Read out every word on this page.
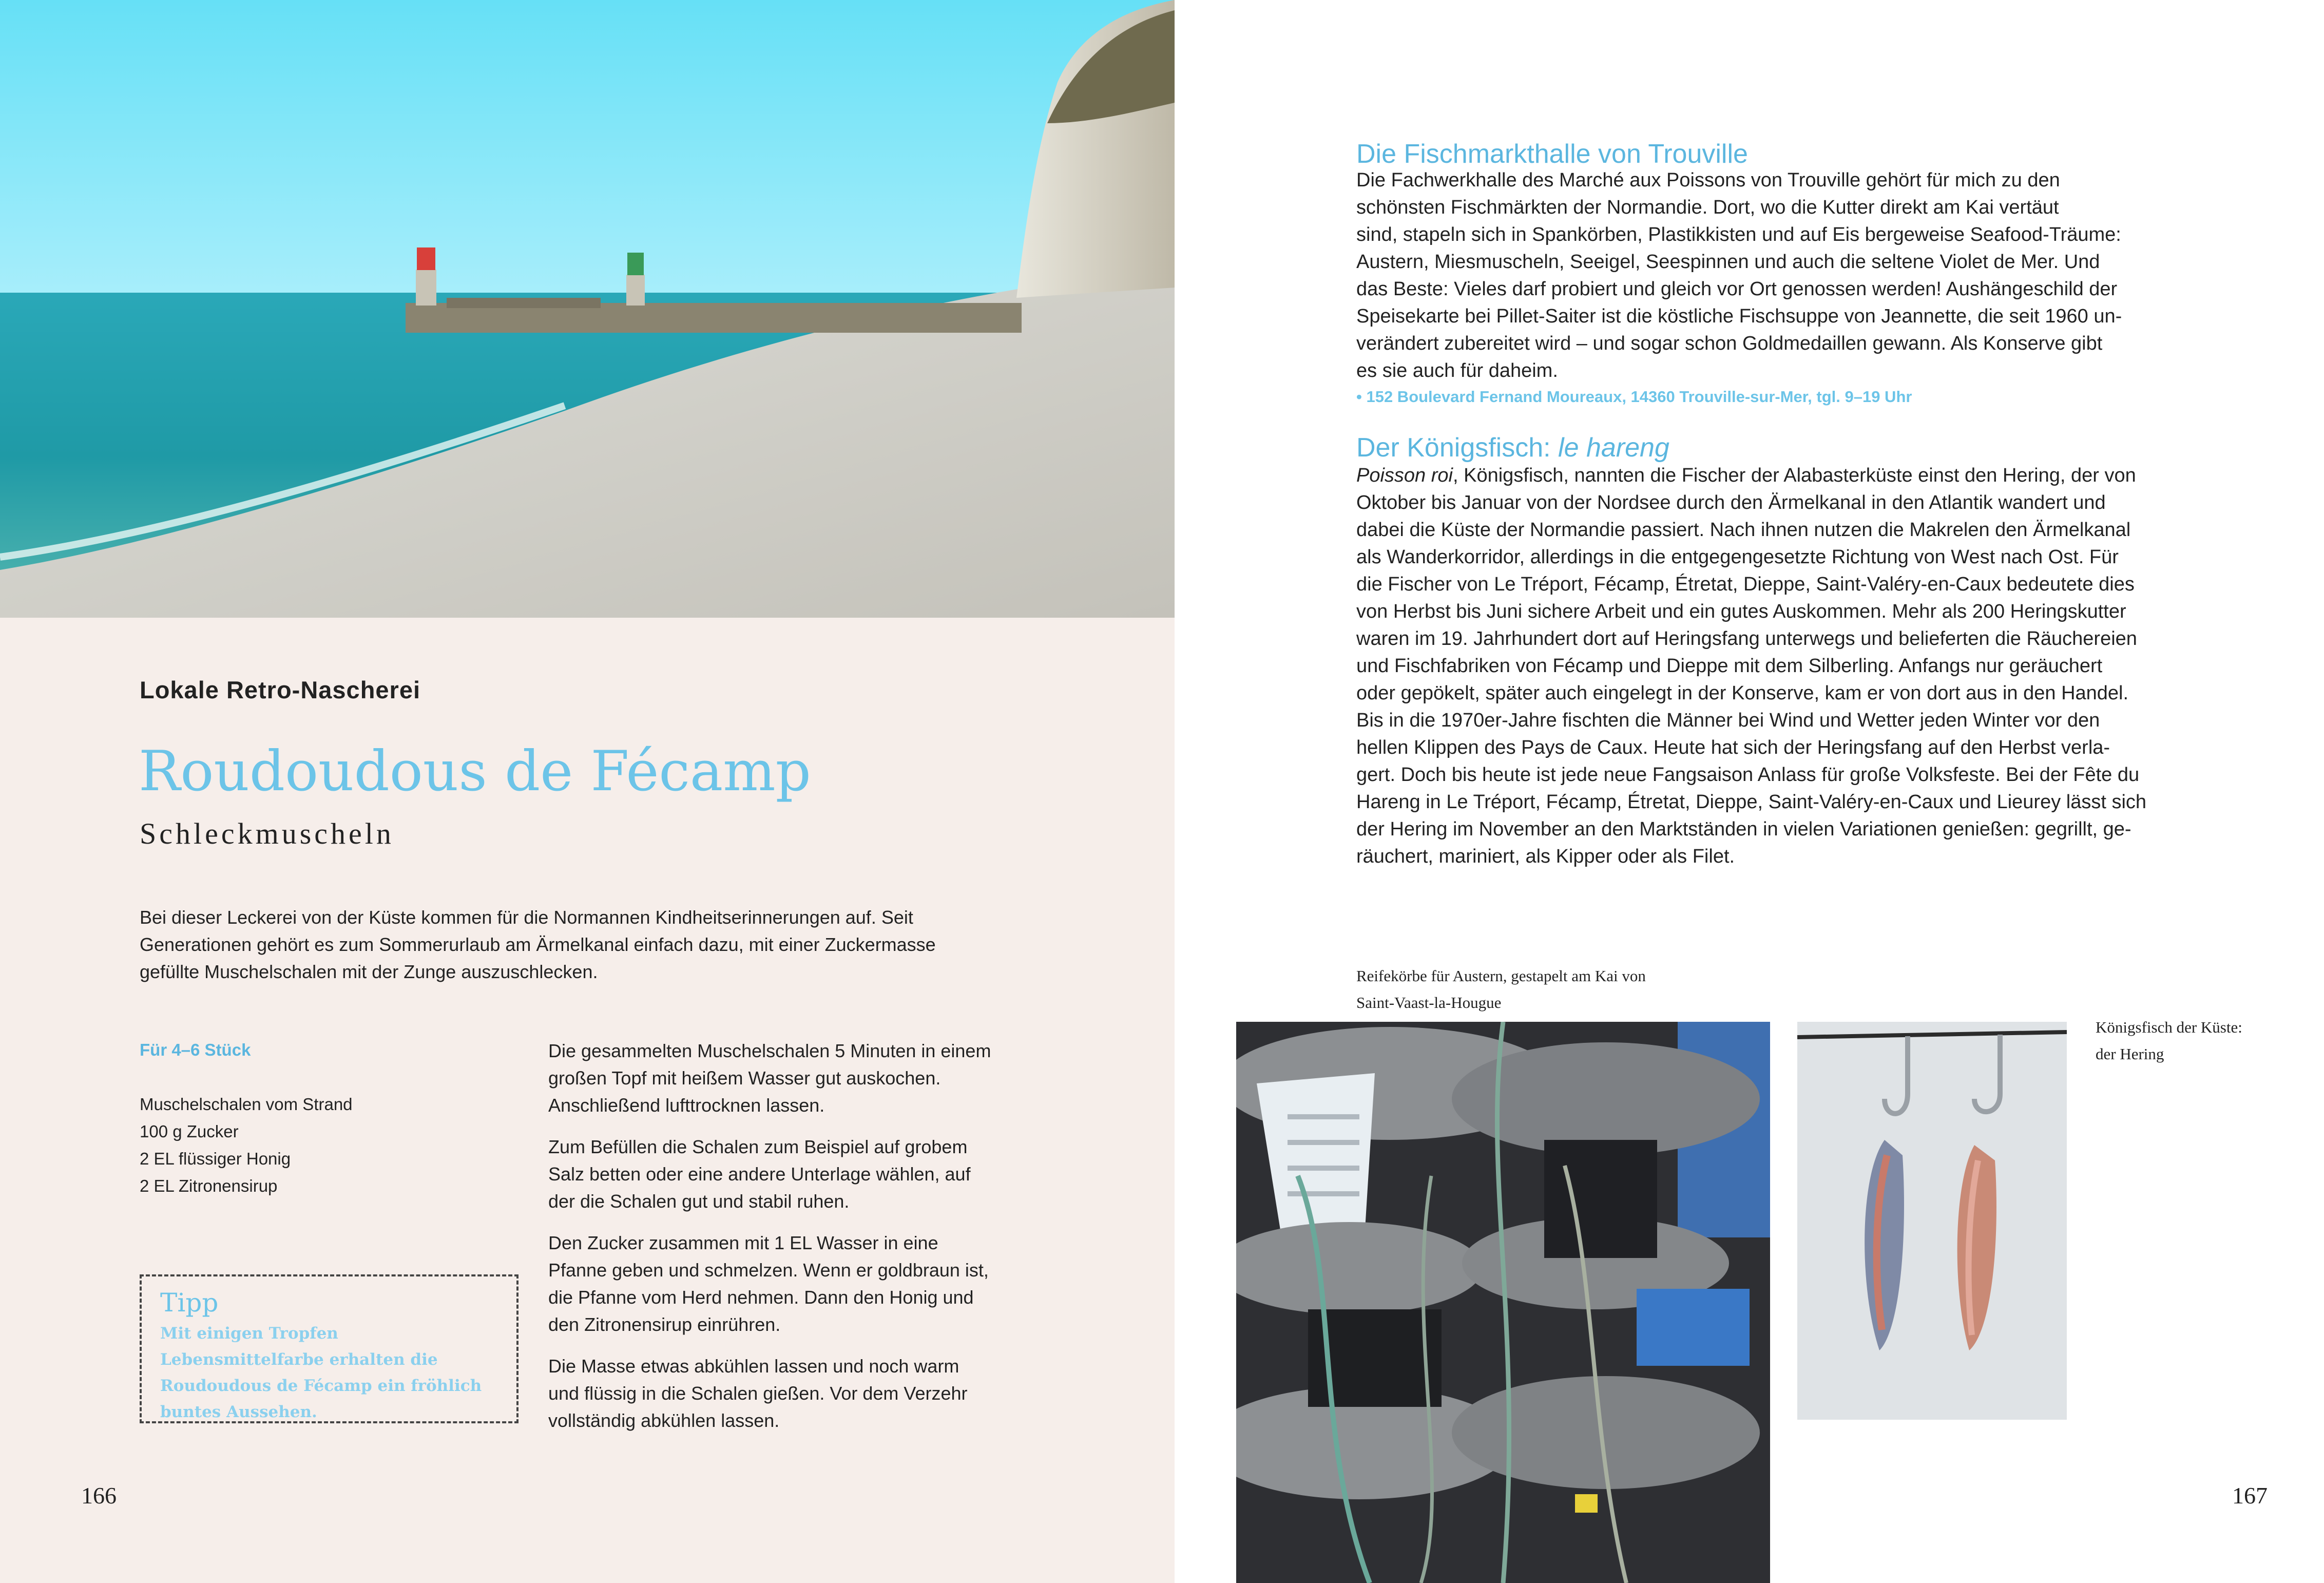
Lokale Retro-Nascherei
Roudoudous de Fécamp
Schleckmuscheln
Bei dieser Leckerei von der Küste kommen für die Normannen Kindheitserinnerungen auf. Seit Generationen gehört es zum Sommerurlaub am Ärmelkanal einfach dazu, mit einer Zuckermasse gefüllte Muschelschalen mit der Zunge auszuschlecken.
Für 4–6 Stück
Muschelschalen vom Strand
100 g Zucker
2 EL flüssiger Honig
2 EL Zitronensirup

Die gesammelten Muschelschalen 5 Minuten in einem großen Topf mit heißem Wasser gut auskochen. Anschließend lufttrocknen lassen.

Zum Befüllen die Schalen zum Beispiel auf grobem Salz betten oder eine andere Unterlage wählen, auf der die Schalen gut und stabil ruhen.

Den Zucker zusammen mit 1 EL Wasser in eine Pfanne geben und schmelzen. Wenn er goldbraun ist, die Pfanne vom Herd nehmen. Dann den Honig und den Zitronensirup einrühren.

Die Masse etwas abkühlen lassen und noch warm und flüssig in die Schalen gießen. Vor dem Verzehr vollständig abkühlen lassen.

Tipp
Mit einigen Tropfen Lebensmittelfarbe erhalten die Roudoudous de Fécamp ein fröhlich buntes Aussehen.
166
Die Fischmarkthalle von Trouville
Die Fachwerkhalle des Marché aux Poissons von Trouville gehört für mich zu den
schönsten Fischmärkten der Normandie. Dort, wo die Kutter direkt am Kai vertäut
sind, stapeln sich in Spankörben, Plastikkisten und auf Eis bergeweise Seafood-Träume:
Austern, Miesmuscheln, Seeigel, Seespinnen und auch die seltene Violet de Mer. Und
das Beste: Vieles darf probiert und gleich vor Ort genossen werden! Aushängeschild der
Speisekarte bei Pillet-Saiter ist die köstliche Fischsuppe von Jeannette, die seit 1960 un-
verändert zubereitet wird – und sogar schon Goldmedaillen gewann. Als Konserve gibt
es sie auch für daheim.
• 152 Boulevard Fernand Moureaux, 14360 Trouville-sur-Mer, tgl. 9–19 Uhr
Der Königsfisch: le hareng
Poisson roi, Königsfisch, nannten die Fischer der Alabasterküste einst den Hering, der von
Oktober bis Januar von der Nordsee durch den Ärmelkanal in den Atlantik wandert und
dabei die Küste der Normandie passiert. Nach ihnen nutzen die Makrelen den Ärmelkanal
als Wanderkorridor, allerdings in die entgegengesetzte Richtung von West nach Ost. Für
die Fischer von Le Tréport, Fécamp, Étretat, Dieppe, Saint-Valéry-en-Caux bedeutete dies
von Herbst bis Juni sichere Arbeit und ein gutes Auskommen. Mehr als 200 Heringskutter
waren im 19. Jahrhundert dort auf Heringsfang unterwegs und belieferten die Räuchereien
und Fischfabriken von Fécamp und Dieppe mit dem Silberling. Anfangs nur geräuchert
oder gepökelt, später auch eingelegt in der Konserve, kam er von dort aus in den Handel.
Bis in die 1970er-Jahre fischten die Männer bei Wind und Wetter jeden Winter vor den
hellen Klippen des Pays de Caux. Heute hat sich der Heringsfang auf den Herbst verla-
gert. Doch bis heute ist jede neue Fangsaison Anlass für große Volksfeste. Bei der Fête du
Hareng in Le Tréport, Fécamp, Étretat, Dieppe, Saint-Valéry-en-Caux und Lieurey lässt sich
der Hering im November an den Marktständen in vielen Variationen genießen: gegrillt, ge-
räuchert, mariniert, als Kipper oder als Filet.
Reifekörbe für Austern, gestapelt am Kai von
Saint-Vaast-la-Hougue
Königsfisch der Küste:
der Hering
167
